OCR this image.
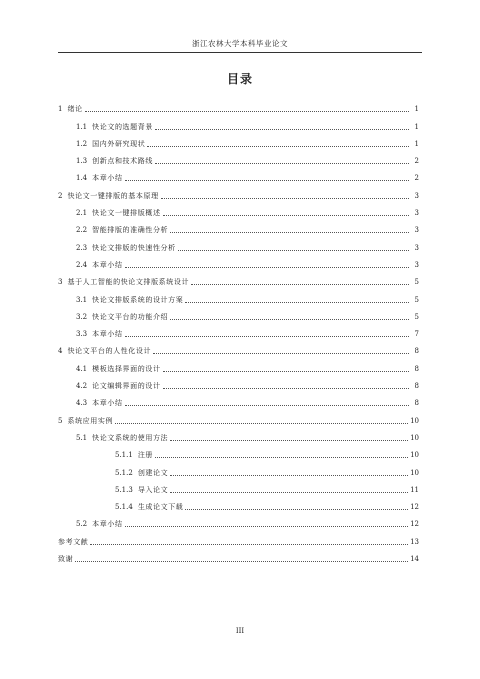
浙江农林大学本科毕业论文
目录
1 绪论	1
1.1 快论文的选题背景	1
1.2 国内外研究现状	1
1.3 创新点和技术路线	2
1.4 本章小结	2
2 快论文一键排版的基本原理	3
2.1 快论文一键排版概述	3
2.2 智能排版的准确性分析	3
2.3 快论文排版的快速性分析	3
2.4 本章小结	3
3 基于人工智能的快论文排版系统设计	5
3.1 快论文排版系统的设计方案	5
3.2 快论文平台的功能介绍	5
3.3 本章小结	7
4 快论文平台的人性化设计	8
4.1 模板选择界面的设计	8
4.2 论文编辑界面的设计	8
4.3 本章小结	8
5 系统应用实例	10
5.1 快论文系统的使用方法	10
5.1.1 注册	10
5.1.2 创建论文	10
5.1.3 导入论文	11
5.1.4 生成论文下载	12
5.2 本章小结	12
参考文献	13
致谢	14
III
